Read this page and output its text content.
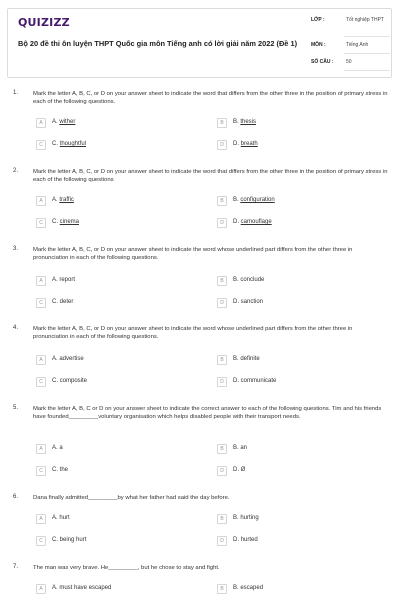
QUIZIZZ
Bộ 20 đề thi ôn luyện THPT Quốc gia môn Tiếng anh có lời giải năm 2022 (Đề 1)
LỚP :	Tốt nghiệp THPT
MÔN :	Tiếng Anh
SỐ CÂU :	50
1.	Mark the letter A, B, C, or D on your answer sheet to indicate the word that differs from the other three in the position of primary stress in each of the following questions.
A	A. wither	B	B. thesis
C	C. thoughtful	D	D. breath
2.	Mark the letter A, B, C, or D on your answer sheet to indicate the word that differs from the other three in the position of primary stress in each of the following questions
A	A. traffic	B	B. configuration
C	C. cinema	D	D. camouflage
3.	Mark the letter A, B, C, or D on your answer sheet to indicate the word whose underlined part differs from the other three in pronunciation in each of the following questions.
A	A. report	B	B. conclude
C	C. deter	D	D. sanction
4.	Mark the letter A, B, C, or D on your answer sheet to indicate the word whose underlined part differs from the other three in pronunciation in each of the following questions.
A	A. advertise	B	B. definite
C	C. composite	D	D. communicate
5.	Mark the letter A, B, C or D on your answer sheet to indicate the correct answer to each of the following questions. Tim and his friends have founded_________voluntary organisation which helps disabled people with their transport needs.
A	A. a	B	B. an
C	C. the	D	D. Ø
6.	Dana finally admitted_________by what her father had said the day before.
A	A. hurt	B	B. hurting
C	C. being hurt	D	D. hurted
7.	The man was very brave. He_________, but he chose to stay and fight.
A	A. must have escaped	B	B. escaped
